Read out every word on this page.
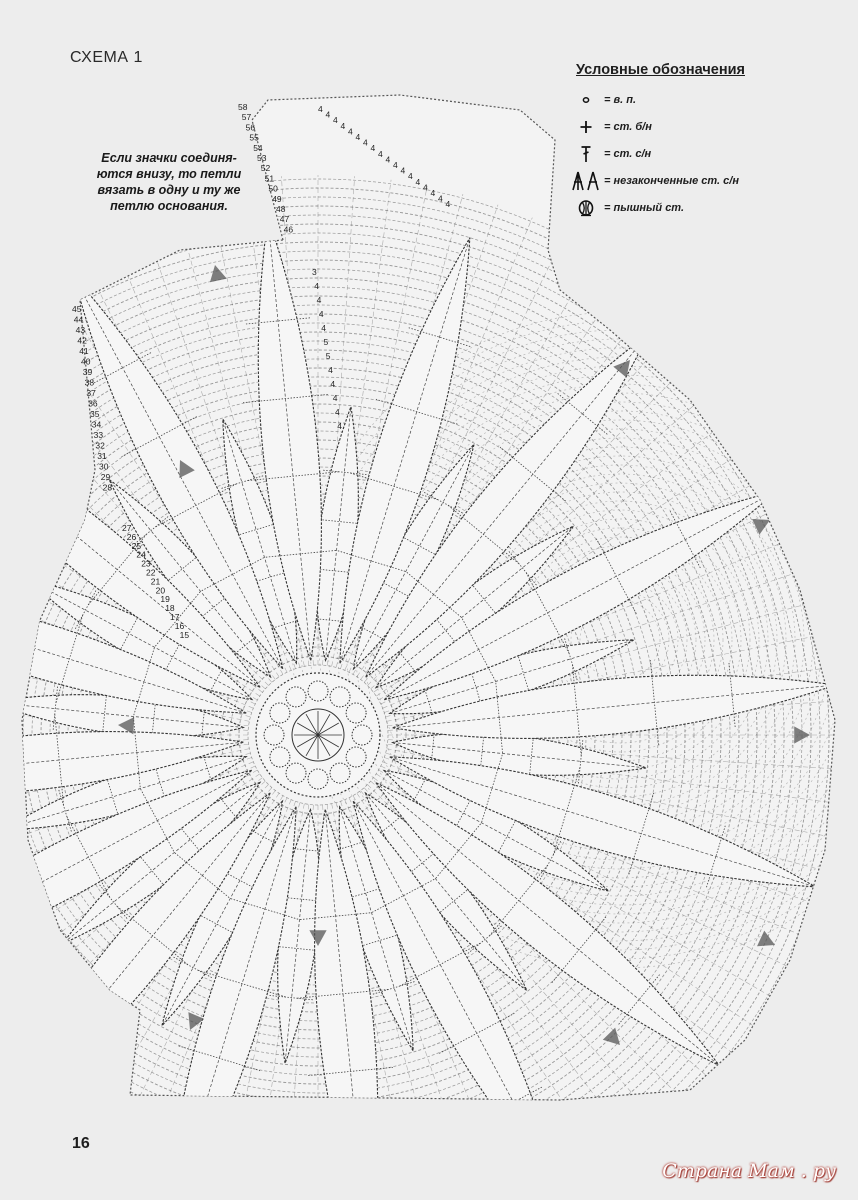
СХЕМА 1
Если значки соединя-
ются внизу, то петли
вязать в одну и ту же
петлю основания.
Условные обозначения
= в. п.
= ст. б/н
= ст. с/н
= незаконченные ст. с/н
= пышный ст.
58
57
56
55
54
53
52
51
50
49
48
47
46
45
44
43
42
41
40
39
38
37
36
35
34
33
32
31
30
29
28
27
26
25
24
23
22
21
20
19
18
17
16
15
4
4
4
4
4
4
4
4
4
4
4
4
4
4
4
4
4
4
3
4
4
4
4
5
5
4
4
4
4
4
16
Страна Мам . ру
